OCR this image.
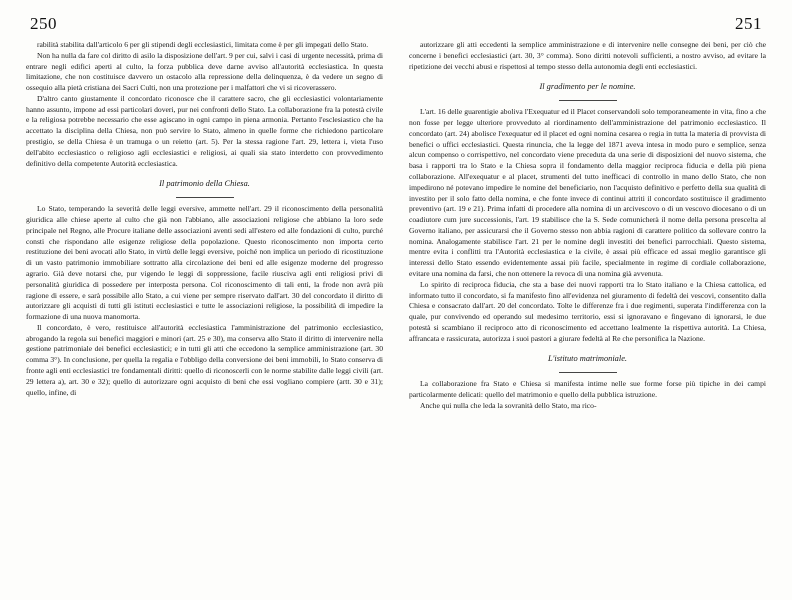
250	251

rabilità stabilita dall'articolo 6 per gli stipendi degli ecclesiastici, limitata come è per gli impegati dello Stato.

Non ha nulla da fare col diritto di asilo la disposizione dell'art. 9 per cui, salvi i casi di urgente necessità, prima di entrare negli edifici aperti al culto, la forza pubblica deve darne avviso all'autorità ecclesiastica. In questa limitazione, che non costituisce davvero un ostacolo alla repressione della delinquenza, è da vedere un segno di ossequio alla pietà cristiana dei Sacri Culti, non una protezione per i malfattori che vi si ricoverassero.

D'altro canto giustamente il concordato riconosce che il carattere sacro, che gli ecclesiastici volontariamente hanno assunto, impone ad essi particolari doveri, pur nei confronti dello Stato. La collaborazione fra la potestà civile e la religiosa potrebbe necessario che esse agiscano in ogni campo in piena armonia. Pertanto l'esclesiastico che ha accettato la disciplina della Chiesa, non può servire lo Stato, almeno in quelle forme che richiedono particolare prestigio, se della Chiesa è un tramuga o un reietto (art. 5). Per la stessa ragione l'art. 29, lettera i, vieta l'uso dell'abito ecclesiastico o religioso agli ecclesiastici e religiosi, ai quali sia stato interdetto con provvedimento definitivo della competente Autorità ecclesiastica.

Il patrimonio della Chiesa.

Lo Stato, temperando la severità delle leggi eversive, ammette nell'art. 29 il riconoscimento della personalità giuridica alle chiese aperte al culto che già non l'abbiano, alle associazioni religiose che abbiano la loro sede principale nel Regno, alle Procure italiane delle associazioni aventi sedi all'estero ed alle fondazioni di culto, purché consti che rispondano alle esigenze religiose della popolazione. Questo riconoscimento non importa certo restituzione dei beni avocati allo Stato, in virtù delle leggi eversive, poiché non implica un periodo di ricostituzione di un vasto patrimonio immobiliare sottratto alla circolazione dei beni ed alle esigenze moderne del progresso agrario. Già deve notarsi che, pur vigendo le leggi di soppressione, facile riusciva agli enti religiosi privi di personalità giuridica di possedere per interposta persona. Col riconoscimento di tali enti, la frode non avrà più ragione di essere, e sarà possibile allo Stato, a cui viene per sempre riservato dall'art. 30 del concordato il diritto di autorizzare gli acquisti di tutti gli istituti ecclesiastici e tutte le associazioni religiose, la possibilità di impedire la formazione di una nuova manomorta.

Il concordato, è vero, restituisce all'autorità ecclesiastica l'amministrazione del patrimonio ecclesiastico, abrogando la regola sui benefici maggiori e minori (art. 25 e 30), ma conserva allo Stato il diritto di intervenire nella gestione patrimoniale dei benefici ecclesiastici; e in tutti gli atti che eccedono la semplice amministrazione (art. 30 comma 3°). In conclusione, per quella la regalia e l'obbligo della conversione dei beni immobili, lo Stato conserva di fronte agli enti ecclesiastici tre fondamentali diritti: quello di riconoscerli con le norme stabilite dalle leggi civili (art. 29 lettera a), art. 30 e 32); quello di autorizzare ogni acquisto di beni che essi vogliano compiere (artt. 30 e 31); quello, infine, di

autorizzare gli atti eccedenti la semplice amministrazione e di intervenire nelle consegne dei beni, per ciò che concerne i benefici ecclesiastici (art. 30, 3° comma). Sono diritti notevoli sufficienti, a nostro avviso, ad evitare la ripetizione dei vecchi abusi e rispettosi al tempo stesso della autonomia degli enti ecclesiastici.

Il gradimento per le nomine.

L'art. 16 delle guarentigie aboliva l'Exequatur ed il Placet conservandoli solo temporaneamente in vita, fino a che non fosse per legge ulteriore provveduto al riordinamento dell'amministrazione del patrimonio ecclesiastico. Il concordato (art. 24) abolisce l'exequatur ed il placet ed ogni nomina cesarea o regia in tutta la materia di provvista di benefici o uffici ecclesiastici. Questa rinuncia, che la legge del 1871 aveva intesa in modo puro e semplice, senza alcun compenso o corrispettivo, nel concordato viene preceduta da una serie di disposizioni del nuovo sistema, che basa i rapporti tra lo Stato e la Chiesa sopra il fondamento della maggior reciproca fiducia e della più piena collaborazione. All'exequatur e al placet, strumenti del tutto inefficaci di controllo in mano dello Stato, che non impedirono né potevano impedire le nomine del beneficiario, non l'acquisto definitivo e perfetto della sua qualità di investito per il solo fatto della nomina, e che fonte invece di continui attriti il concordato sostituisce il gradimento preventivo (art. 19 e 21). Prima infatti di procedere alla nomina di un arcivescovo o di un vescovo diocesano o di un coadiutore cum jure successionis, l'art. 19 stabilisce che la S. Sede comunicherà il nome della persona prescelta al Governo italiano, per assicurarsi che il Governo stesso non abbia ragioni di carattere politico da sollevare contro la nomina. Analogamente stabilisce l'art. 21 per le nomine degli investiti dei benefici parrocchiali. Questo sistema, mentre evita i conflitti tra l'Autorità ecclesiastica e la civile, è assai più efficace ed assai meglio garantisce gli interessi dello Stato essendo evidentemente assai più facile, specialmente in regime di cordiale collaborazione, evitare una nomina da farsi, che non ottenere la revoca di una nomina già avvenuta.

Lo spirito di reciproca fiducia, che sta a base dei nuovi rapporti tra lo Stato italiano e la Chiesa cattolica, ed informato tutto il concordato, si fa manifesto fino all'evidenza nel giuramento di fedeltà dei vescovi, consentito dalla Chiesa e consacrato dall'art. 20 del concordato. Tolte le differenze fra i due regimenti, superata l'indifferenza con la quale, pur convivendo ed operando sul medesimo territorio, essi si ignoravano e fingevano di ignorarsi, le due potestà si scambiano il reciproco atto di riconoscimento ed accettano lealmente la rispettiva autorità. La Chiesa, affrancata e rassicurata, autorizza i suoi pastori a giurare fedeltà al Re che personifica la Nazione.

L'istituto matrimoniale.

La collaborazione fra Stato e Chiesa si manifesta intime nelle sue forme forse più tipiche in dei campi particolarmente delicati: quello del matrimonio e quello della pubblica istruzione.

Anche qui nulla che leda la sovranità dello Stato, ma rico-
